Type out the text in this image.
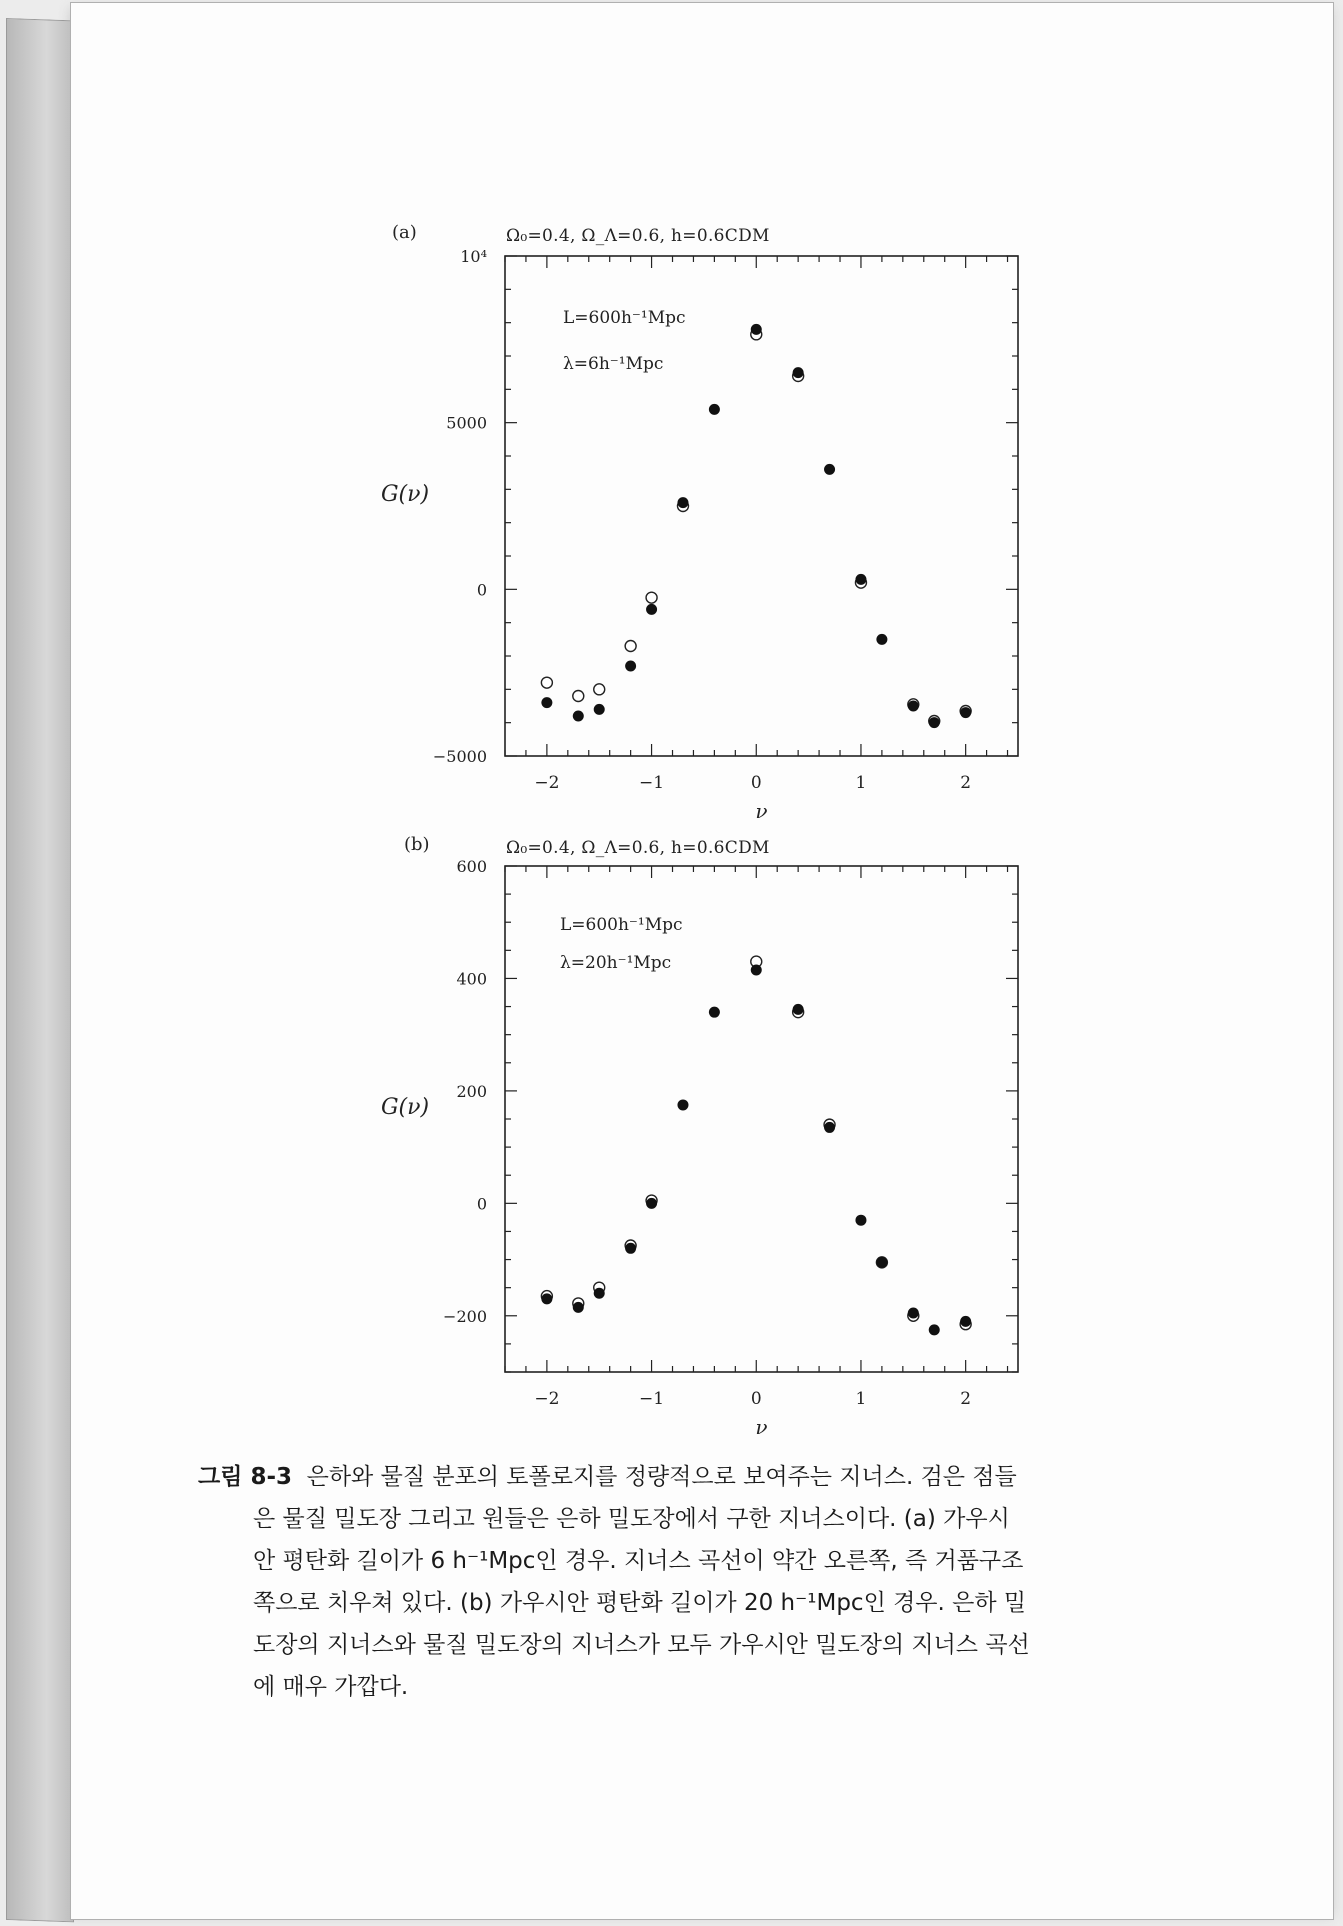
(a)	Ω₀=0.4, Ω_Λ=0.6, h=0.6CDM
−2	−1	0	1	2
10⁴
5000
0
−5000
ν
G(ν)
L=600h⁻¹Mpc
λ=6h⁻¹Mpc
(b)	Ω₀=0.4, Ω_Λ=0.6, h=0.6CDM
−2	−1	0	1	2
600
400
200
0
−200
ν
G(ν)
L=600h⁻¹Mpc
λ=20h⁻¹Mpc
그림 8-3 은하와 물질 분포의 토폴로지를 정량적으로 보여주는 지너스. 검은 점들
은 물질 밀도장 그리고 원들은 은하 밀도장에서 구한 지너스이다. (a) 가우시
안 평탄화 길이가 6 h⁻¹Mpc인 경우. 지너스 곡선이 약간 오른쪽, 즉 거품구조
쪽으로 치우쳐 있다. (b) 가우시안 평탄화 길이가 20 h⁻¹Mpc인 경우. 은하 밀
도장의 지너스와 물질 밀도장의 지너스가 모두 가우시안 밀도장의 지너스 곡선
에 매우 가깝다.
